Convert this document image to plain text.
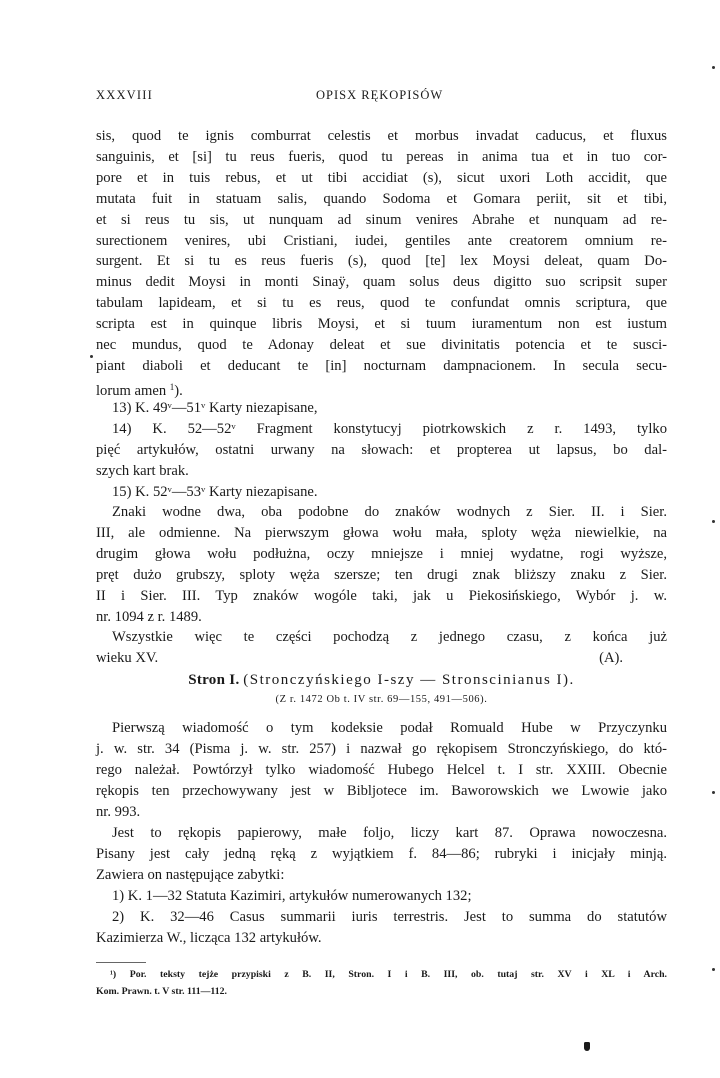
XXXVIII	OPISX RĘKOPISÓW
sis, quod te ignis comburrat celestis et morbus invadat caducus, et fluxus
sanguinis, et [si] tu reus fueris, quod tu pereas in anima tua et in tuo cor-
pore et in tuis rebus, et ut tibi accidiat (s), sicut uxori Loth accidit, que
mutata fuit in statuam salis, quando Sodoma et Gomara periit, sit et tibi,
et si reus tu sis, ut nunquam ad sinum venires Abrahe et nunquam ad re-
surectionem venires, ubi Cristiani, iudei, gentiles ante creatorem omnium re-
surgent. Et si tu es reus fueris (s), quod [te] lex Moysi deleat, quam Do-
minus dedit Moysi in monti Sinaÿ, quam solus deus digitto suo scripsit super
tabulam lapideam, et si tu es reus, quod te confundat omnis scriptura, que
scripta est in quinque libris Moysi, et si tuum iuramentum non est iustum
nec mundus, quod te Adonay deleat et sue divinitatis potencia et te susci-
piant diaboli et deducant te [in] nocturnam dampnacionem. In secula secu-
lorum amen $^1$).
13) K. 49ᵛ—51ᵛ Karty niezapisane,
14) K. 52—52ᵛ Fragment konstytucyj piotrkowskich z r. 1493, tylko
pięć artykułów, ostatni urwany na słowach: et propterea ut lapsus, bo dal-
szych kart brak.
15) K. 52ᵛ—53ᵛ Karty niezapisane.
Znaki wodne dwa, oba podobne do znaków wodnych z Sier. II. i Sier.
III, ale odmienne. Na pierwszym głowa wołu mała, sploty węża niewielkie, na
drugim głowa wołu podłużna, oczy mniejsze i mniej wydatne, rogi wyższe,
pręt dużo grubszy, sploty węża szersze; ten drugi znak bliższy znaku z Sier.
II i Sier. III. Typ znaków wogóle taki, jak u Piekosińskiego, Wybór j. w.
nr. 1094 z r. 1489.
Wszystkie więc te części pochodzą z jednego czasu, z końca już
wieku XV.	(A).
Stron I. (Stronczyńskiego I-szy — Stronscinianus I).
(Z r. 1472 Ob t. IV str. 69—155, 491—506).
Pierwszą wiadomość o tym kodeksie podał Romuald Hube w Przyczynku
j. w. str. 34 (Pisma j. w. str. 257) i nazwał go rękopisem Stronczyńskiego, do któ-
rego należał. Powtórzył tylko wiadomość Hubego Helcel t. I str. XXIII. Obecnie
rękopis ten przechowywany jest w Bibljotece im. Baworowskich we Lwowie jako
nr. 993.
Jest to rękopis papierowy, małe foljo, liczy kart 87. Oprawa nowoczesna.
Pisany jest cały jedną ręką z wyjątkiem f. 84—86; rubryki i inicjały minją.
Zawiera on następujące zabytki:
1) K. 1—32 Statuta Kazimiri, artykułów numerowanych 132;
2) K. 32—46 Casus summarii iuris terrestris. Jest to summa do statutów
Kazimierza W., licząca 132 artykułów.
¹) Por. teksty tejże przypiski z B. II, Stron. I i B. III, ob. tutaj str. XV i XL i Arch.
Kom. Prawn. t. V str. 111—112.
